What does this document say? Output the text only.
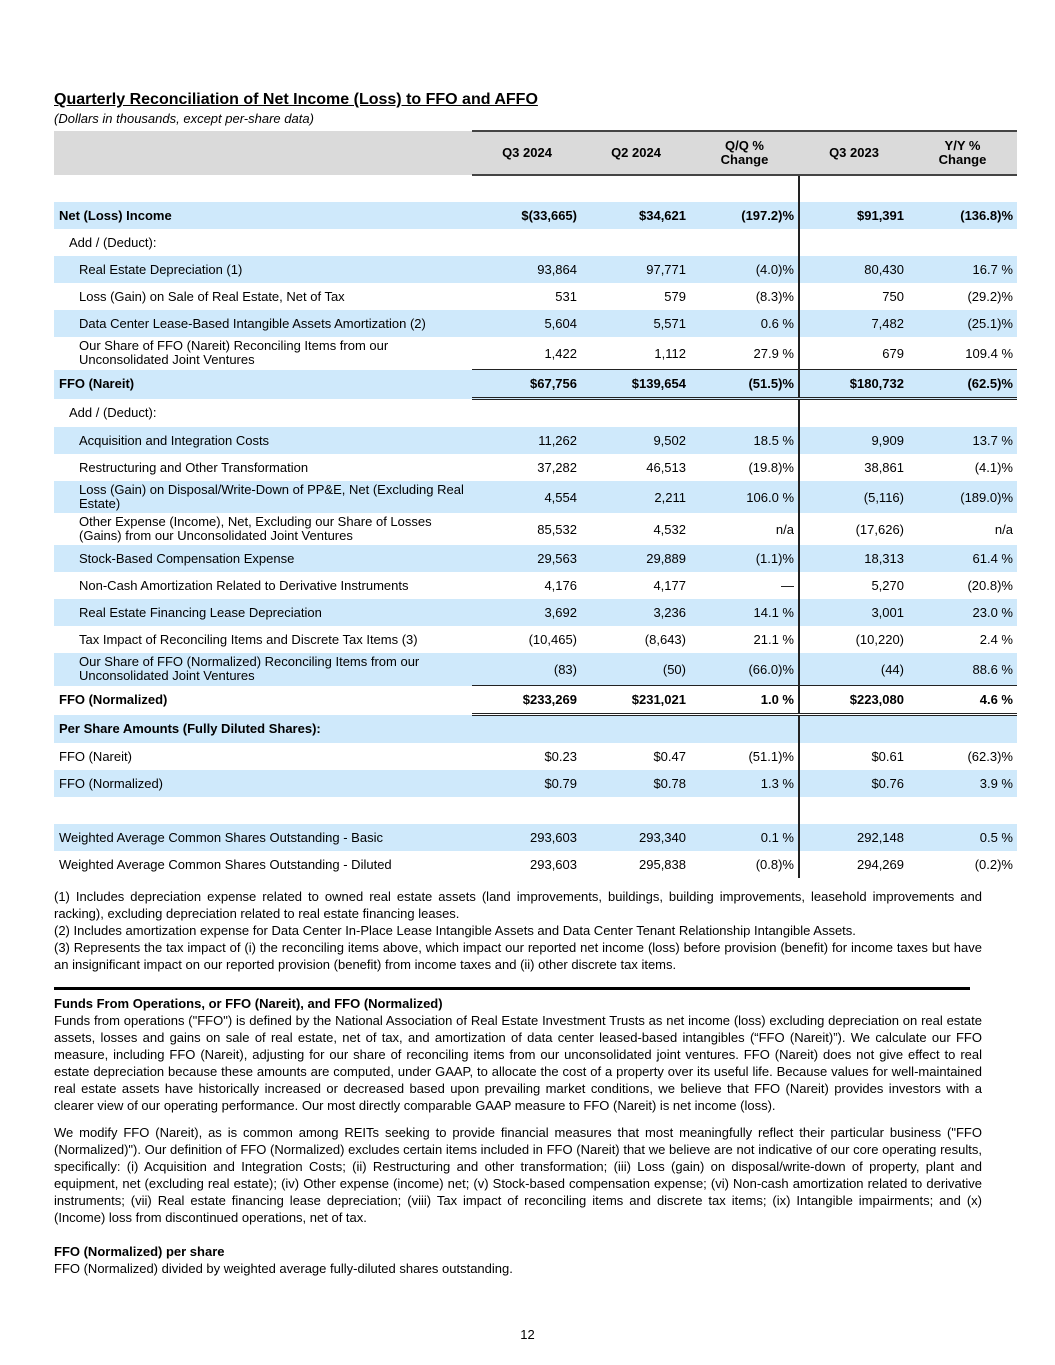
Quarterly Reconciliation of Net Income (Loss) to FFO and AFFO
(Dollars in thousands, except per-share data)
	Q3 2024	Q2 2024	Q/Q % Change	Q3 2023	Y/Y % Change

Net (Loss) Income	$(33,665)	$34,621	(197.2)%	$91,391	(136.8)%
Add / (Deduct):					
Real Estate Depreciation (1)	93,864	97,771	(4.0)%	80,430	16.7 %
Loss (Gain) on Sale of Real Estate, Net of Tax	531	579	(8.3)%	750	(29.2)%
Data Center Lease-Based Intangible Assets Amortization (2)	5,604	5,571	0.6 %	7,482	(25.1)%
Our Share of FFO (Nareit) Reconciling Items from our Unconsolidated Joint Ventures	1,422	1,112	27.9 %	679	109.4 %
FFO (Nareit)	$67,756	$139,654	(51.5)%	$180,732	(62.5)%
Add / (Deduct):					
Acquisition and Integration Costs	11,262	9,502	18.5 %	9,909	13.7 %
Restructuring and Other Transformation	37,282	46,513	(19.8)%	38,861	(4.1)%
Loss (Gain) on Disposal/Write-Down of PP&E, Net (Excluding Real Estate)	4,554	2,211	106.0 %	(5,116)	(189.0)%
Other Expense (Income), Net, Excluding our Share of Losses (Gains) from our Unconsolidated Joint Ventures	85,532	4,532	n/a	(17,626)	n/a
Stock-Based Compensation Expense	29,563	29,889	(1.1)%	18,313	61.4 %
Non-Cash Amortization Related to Derivative Instruments	4,176	4,177	—	5,270	(20.8)%
Real Estate Financing Lease Depreciation	3,692	3,236	14.1 %	3,001	23.0 %
Tax Impact of Reconciling Items and Discrete Tax Items (3)	(10,465)	(8,643)	21.1 %	(10,220)	2.4 %
Our Share of FFO (Normalized) Reconciling Items from our Unconsolidated Joint Ventures	(83)	(50)	(66.0)%	(44)	88.6 %
FFO (Normalized)	$233,269	$231,021	1.0 %	$223,080	4.6 %
Per Share Amounts (Fully Diluted Shares):					
FFO (Nareit)	$0.23	$0.47	(51.1)%	$0.61	(62.3)%
FFO (Normalized)	$0.79	$0.78	1.3 %	$0.76	3.9 %

Weighted Average Common Shares Outstanding - Basic	293,603	293,340	0.1 %	292,148	0.5 %
Weighted Average Common Shares Outstanding - Diluted	293,603	295,838	(0.8)%	294,269	(0.2)%

(1) Includes depreciation expense related to owned real estate assets (land improvements, buildings, building improvements, leasehold improvements and racking), excluding depreciation related to real estate financing leases.

(2) Includes amortization expense for Data Center In-Place Lease Intangible Assets and Data Center Tenant Relationship Intangible Assets.

(3) Represents the tax impact of (i) the reconciling items above, which impact our reported net income (loss) before provision (benefit) for income taxes but have an insignificant impact on our reported provision (benefit) from income taxes and (ii) other discrete tax items.

Funds From Operations, or FFO (Nareit), and FFO (Normalized)

Funds from operations ("FFO") is defined by the National Association of Real Estate Investment Trusts as net income (loss) excluding depreciation on real estate assets, losses and gains on sale of real estate, net of tax, and amortization of data center leased-based intangibles (“FFO (Nareit)”). We calculate our FFO measure, including FFO (Nareit), adjusting for our share of reconciling items from our unconsolidated joint ventures. FFO (Nareit) does not give effect to real estate depreciation because these amounts are computed, under GAAP, to allocate the cost of a property over its useful life. Because values for well-maintained real estate assets have historically increased or decreased based upon prevailing market conditions, we believe that FFO (Nareit) provides investors with a clearer view of our operating performance. Our most directly comparable GAAP measure to FFO (Nareit) is net income (loss).

We modify FFO (Nareit), as is common among REITs seeking to provide financial measures that most meaningfully reflect their particular business ("FFO (Normalized)"). Our definition of FFO (Normalized) excludes certain items included in FFO (Nareit) that we believe are not indicative of our core operating results, specifically: (i) Acquisition and Integration Costs; (ii) Restructuring and other transformation; (iii) Loss (gain) on disposal/write-down of property, plant and equipment, net (excluding real estate); (iv) Other expense (income) net; (v) Stock-based compensation expense; (vi) Non-cash amortization related to derivative instruments; (vii) Real estate financing lease depreciation; (viii) Tax impact of reconciling items and discrete tax items; (ix) Intangible impairments; and (x) (Income) loss from discontinued operations, net of tax.

FFO (Normalized) per share

FFO (Normalized) divided by weighted average fully-diluted shares outstanding.

12
